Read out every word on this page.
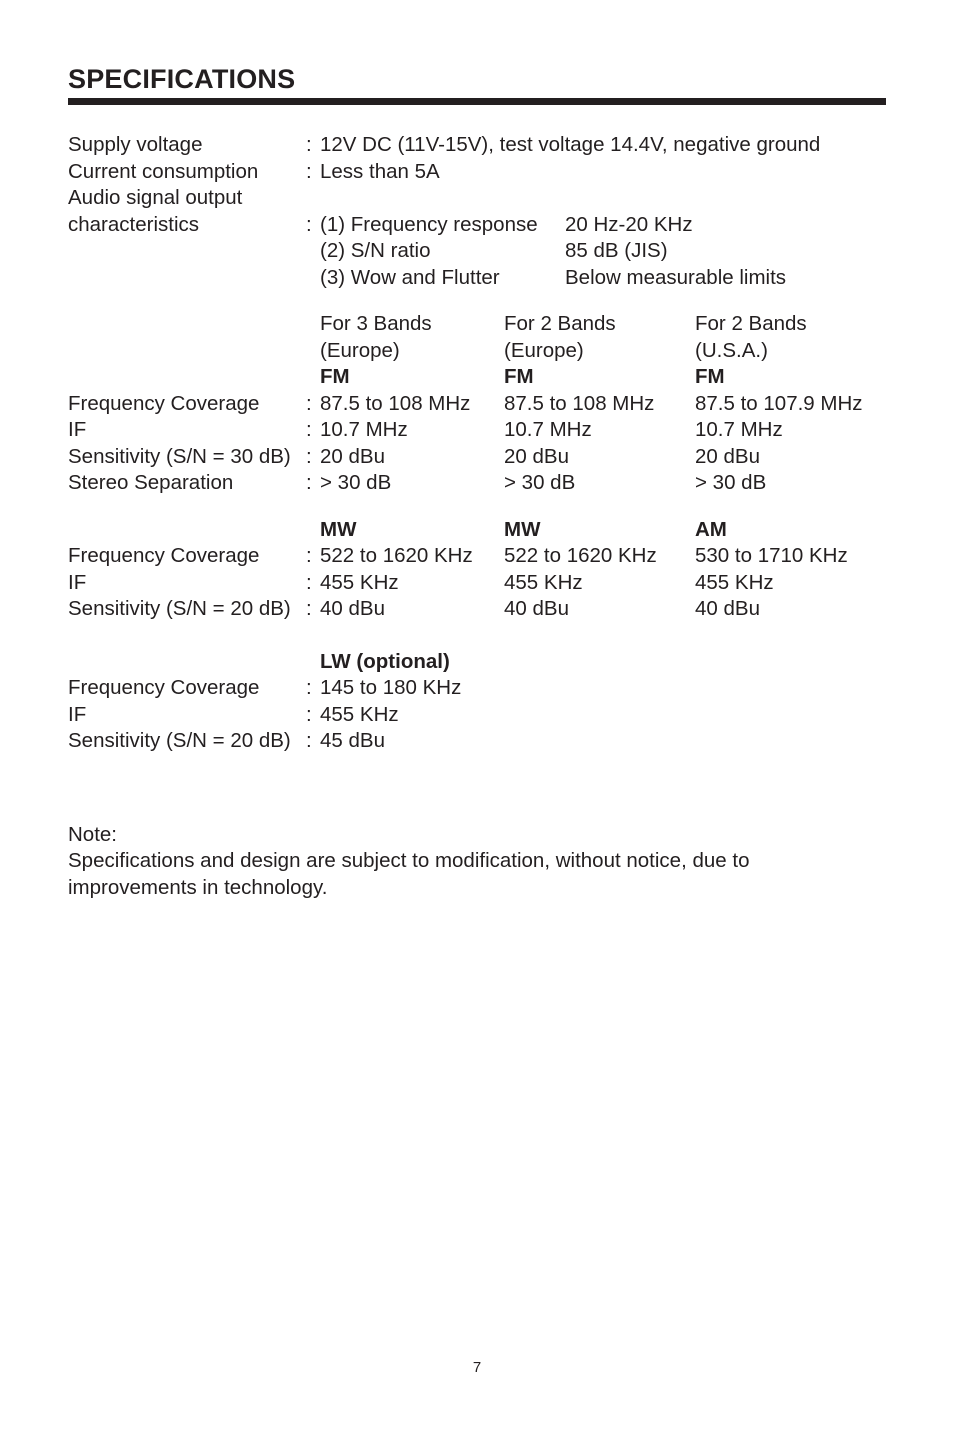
SPECIFICATIONS
Supply voltage	: 12V DC (11V-15V), test voltage 14.4V, negative ground
Current consumption : Less than 5A
Audio signal output
characteristics	: (1) Frequency response 20 Hz-20 KHz
(2) S/N ratio	85 dB (JIS)
(3) Wow and Flutter	Below measurable limits
For 3 Bands	For 2 Bands	For 2 Bands
(Europe)	(Europe)	(U.S.A.)
FM	FM	FM
Frequency Coverage : 87.5 to 108 MHz 87.5 to 108 MHz 87.5 to 107.9 MHz
IF	: 10.7 MHz	10.7 MHz	10.7 MHz
Sensitivity (S/N = 30 dB) : 20 dBu	20 dBu	20 dBu
Stereo Separation	: > 30 dB	> 30 dB	> 30 dB
MW	MW	AM
Frequency Coverage : 522 to 1620 KHz 522 to 1620 KHz 530 to 1710 KHz
IF	: 455 KHz	455 KHz	455 KHz
Sensitivity (S/N = 20 dB) : 40 dBu	40 dBu	40 dBu
LW (optional)
Frequency Coverage : 145 to 180 KHz
IF	: 455 KHz
Sensitivity (S/N = 20 dB) : 45 dBu
Note:
Specifications and design are subject to modification, without notice, due to improvements in technology.
7
